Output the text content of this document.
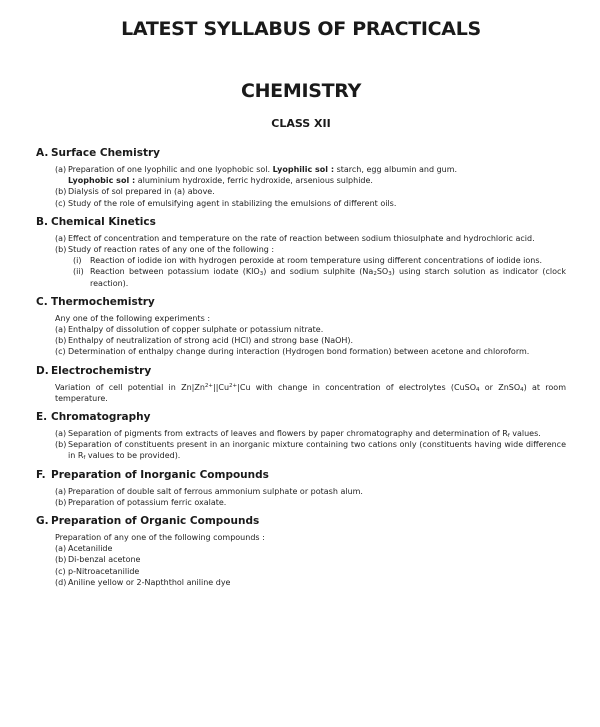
LATEST SYLLABUS OF PRACTICALS
CHEMISTRY
CLASS XII
A. Surface Chemistry
(a) Preparation of one lyophilic and one lyophobic sol. Lyophilic sol : starch, egg albumin and gum.
Lyophobic sol : aluminium hydroxide, ferric hydroxide, arsenious sulphide.
(b) Dialysis of sol prepared in (a) above.
(c) Study of the role of emulsifying agent in stabilizing the emulsions of different oils.
B. Chemical Kinetics
(a) Effect of concentration and temperature on the rate of reaction between sodium thiosulphate and hydrochloric acid.
(b) Study of reaction rates of any one of the following :
(i)	Reaction of iodide ion with hydrogen peroxide at room temperature using different concentrations of iodide ions.
(ii) Reaction between potassium iodate $(KIO_3)$ and sodium sulphite $(Na_2SO_3)$ using starch solution as indicator (clock reaction).
C. Thermochemistry
Any one of the following experiments :
(a) Enthalpy of dissolution of copper sulphate or potassium nitrate.
(b) Enthalpy of neutralization of strong acid (HCl) and strong base (NaOH).
(c) Determination of enthalpy change during interaction (Hydrogen bond formation) between acetone and chloroform.
D. Electrochemistry
Variation of cell potential in $Zn|Zn^{2+}||Cu^{2+}|Cu$ with change in concentration of electrolytes (CuSO$_4$ or ZnSO$_4$) at room temperature.
E. Chromatography
(a) Separation of pigments from extracts of leaves and flowers by paper chromatography and determination of $R_f$ values.
(b) Separation of constituents present in an inorganic mixture containing two cations only (constituents having wide difference in $R_f$ values to be provided).
F. Preparation of Inorganic Compounds
(a) Preparation of double salt of ferrous ammonium sulphate or potash alum.
(b) Preparation of potassium ferric oxalate.
G. Preparation of Organic Compounds
Preparation of any one of the following compounds :
(a) Acetanilide
(b) Di-benzal acetone
(c) p-Nitroacetanilide
(d) Aniline yellow or 2-Napththol aniline dye
